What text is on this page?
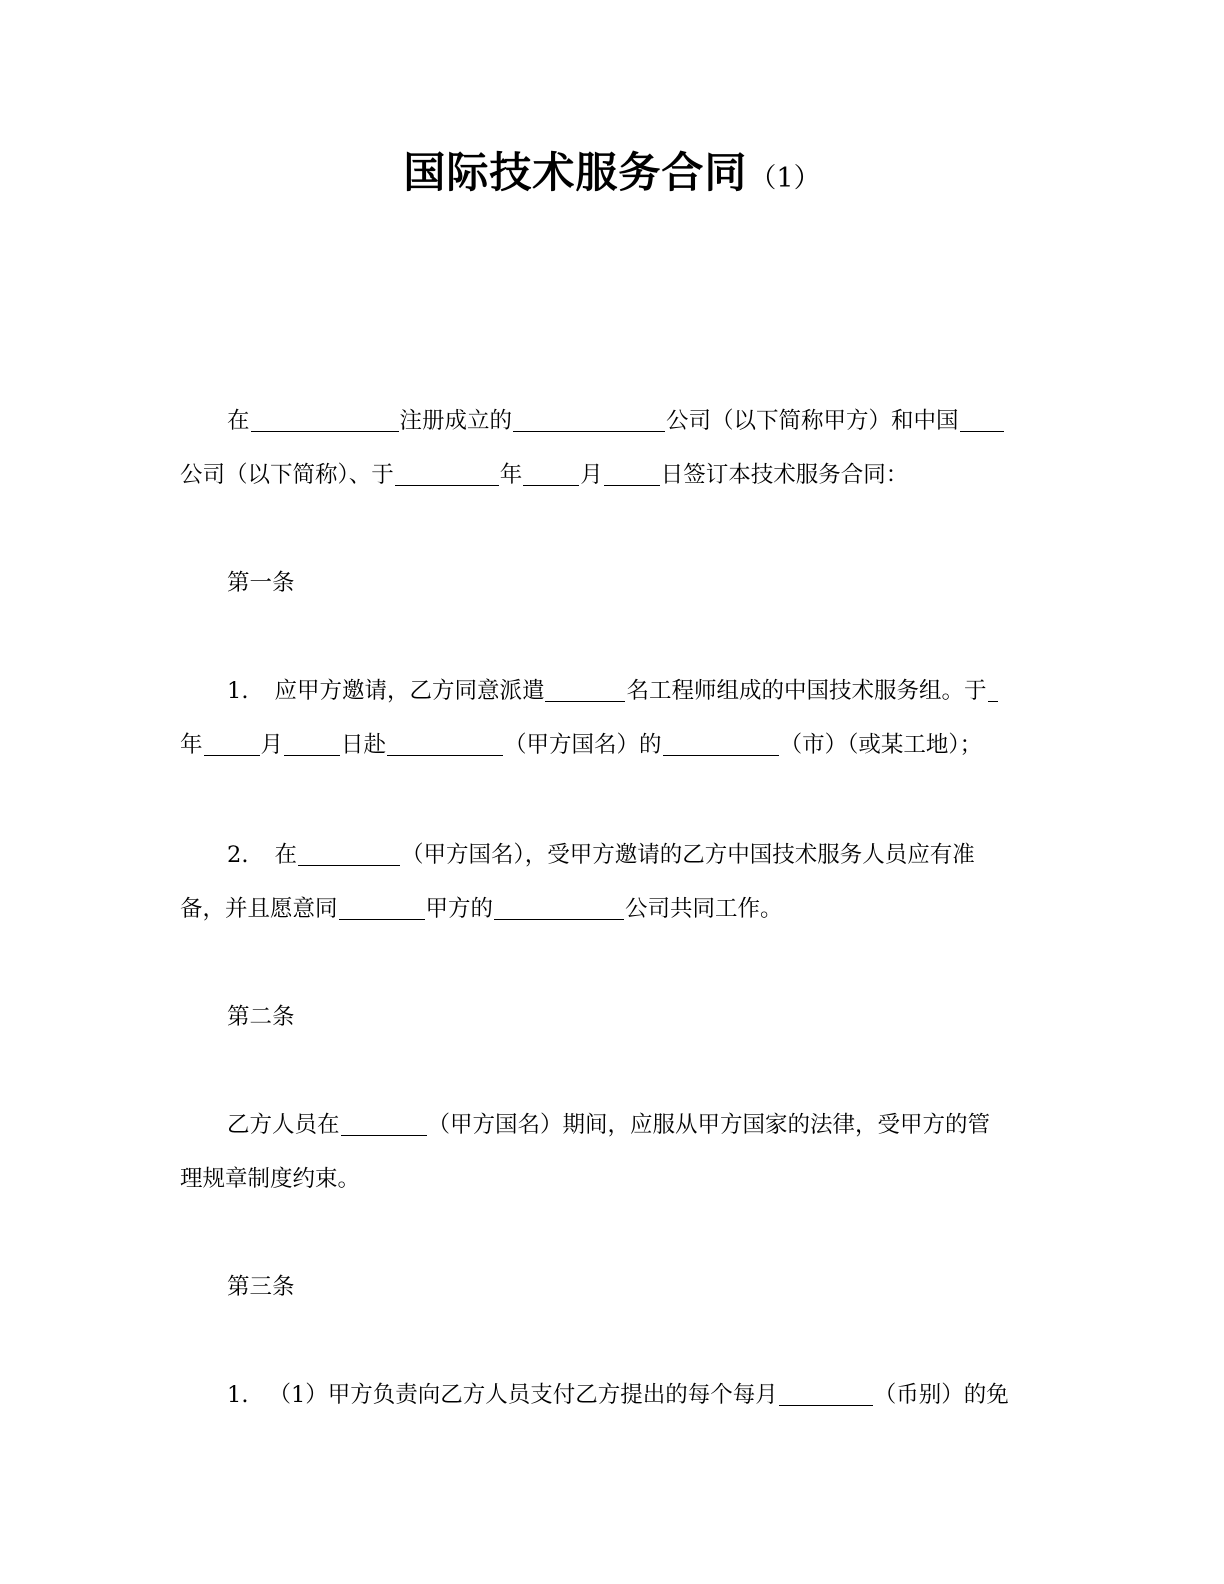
国际技术服务合同（1）
在	注册成立的	公司（以下简称甲方）和中国
公司（以下简称）、于	年	月	日签订本技术服务合同：
第一条
1. 应甲方邀请，乙方同意派遣	名工程师组成的中国技术服务组。于
年	月	日赴	（甲方国名）的	（市）（或某工地）；
2. 在	（甲方国名），受甲方邀请的乙方中国技术服务人员应有准
备，并且愿意同	甲方的	公司共同工作。
第二条
乙方人员在	（甲方国名）期间，应服从甲方国家的法律，受甲方的管
理规章制度约束。
第三条
1. （1）甲方负责向乙方人员支付乙方提出的每个每月	（币别）的免
